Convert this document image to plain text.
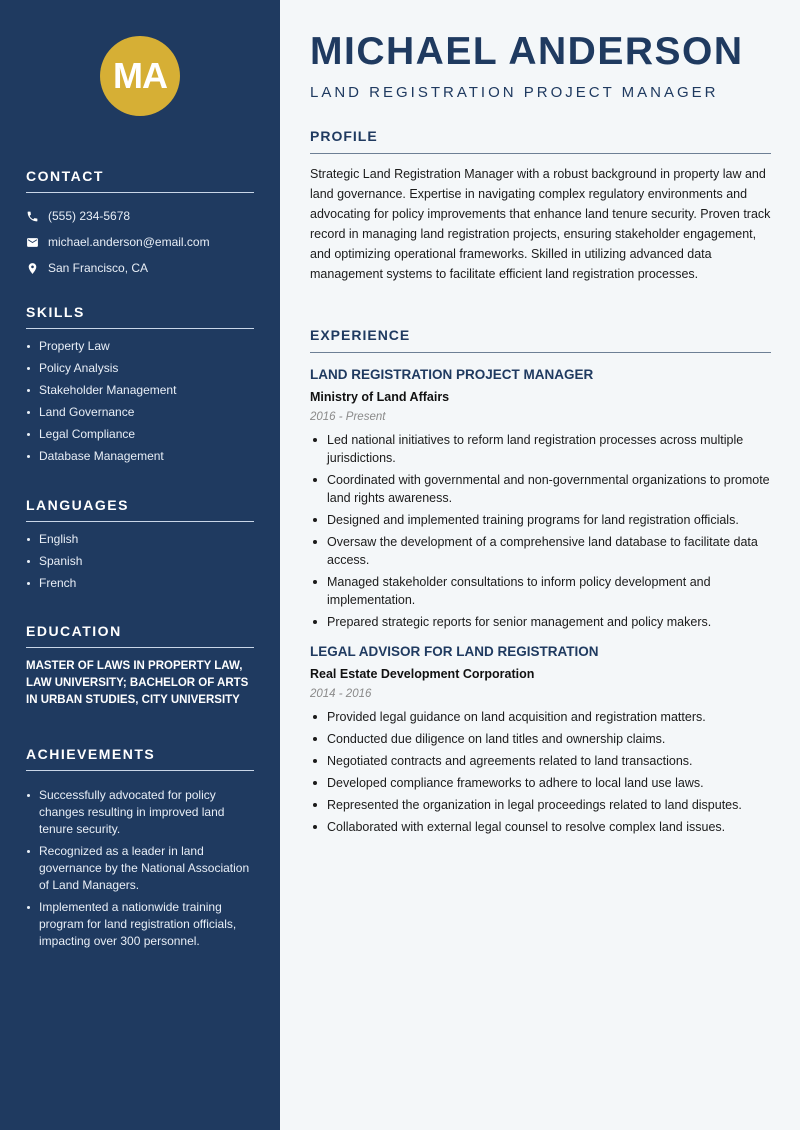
MA
CONTACT
(555) 234-5678
michael.anderson@email.com
San Francisco, CA
SKILLS
Property Law
Policy Analysis
Stakeholder Management
Land Governance
Legal Compliance
Database Management
LANGUAGES
English
Spanish
French
EDUCATION

MASTER OF LAWS IN PROPERTY LAW, LAW UNIVERSITY; BACHELOR OF ARTS IN URBAN STUDIES, CITY UNIVERSITY

ACHIEVEMENTS
Successfully advocated for policy changes resulting in improved land tenure security.
Recognized as a leader in land governance by the National Association of Land Managers.
Implemented a nationwide training program for land registration officials, impacting over 300 personnel.
MICHAEL ANDERSON
LAND REGISTRATION PROJECT MANAGER
PROFILE

Strategic Land Registration Manager with a robust background in property law and land governance. Expertise in navigating complex regulatory environments and advocating for policy improvements that enhance land tenure security. Proven track record in managing land registration projects, ensuring stakeholder engagement, and optimizing operational frameworks. Skilled in utilizing advanced data management systems to facilitate efficient land registration processes.

EXPERIENCE
LAND REGISTRATION PROJECT MANAGER
Ministry of Land Affairs
2016 - Present
Led national initiatives to reform land registration processes across multiple jurisdictions.
Coordinated with governmental and non-governmental organizations to promote land rights awareness.
Designed and implemented training programs for land registration officials.
Oversaw the development of a comprehensive land database to facilitate data access.
Managed stakeholder consultations to inform policy development and implementation.
Prepared strategic reports for senior management and policy makers.
LEGAL ADVISOR FOR LAND REGISTRATION
Real Estate Development Corporation
2014 - 2016
Provided legal guidance on land acquisition and registration matters.
Conducted due diligence on land titles and ownership claims.
Negotiated contracts and agreements related to land transactions.
Developed compliance frameworks to adhere to local land use laws.
Represented the organization in legal proceedings related to land disputes.
Collaborated with external legal counsel to resolve complex land issues.
